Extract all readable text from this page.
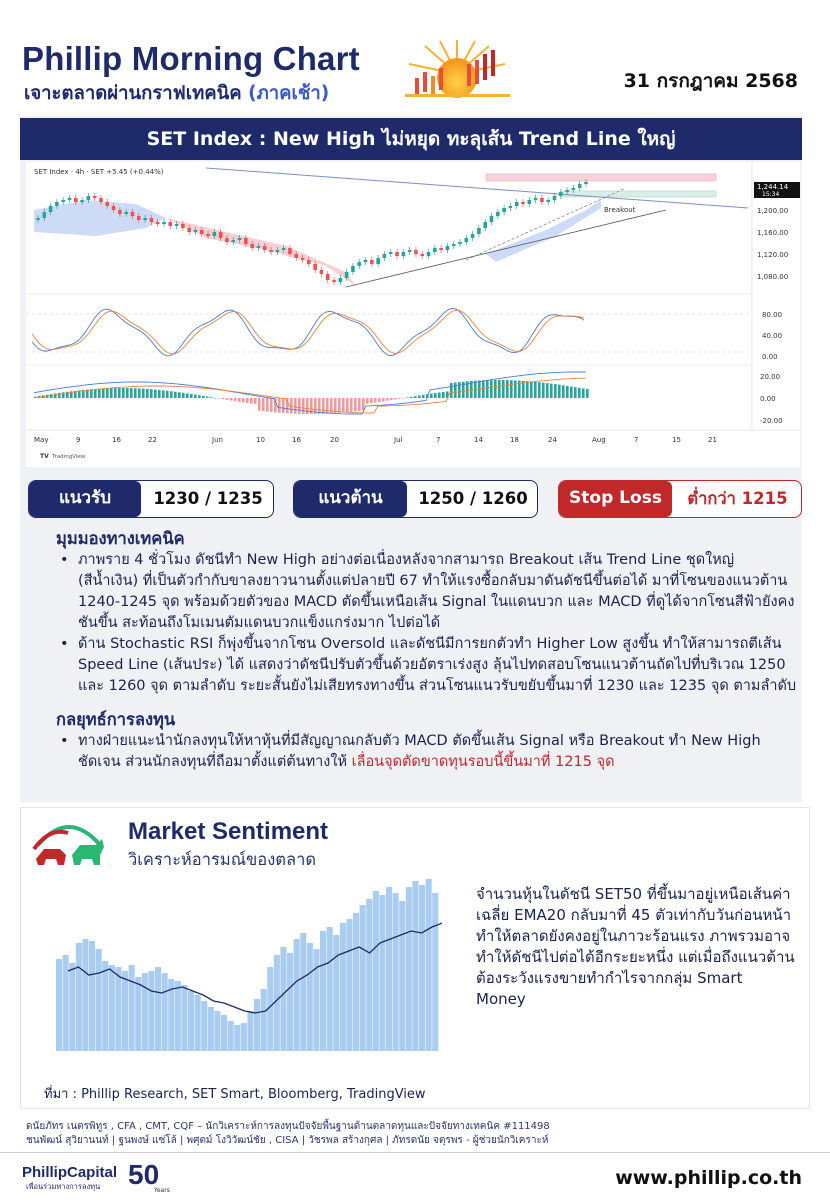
Phillip Morning Chart
เจาะตลาดผ่านกราฟเทคนิค (ภาคเช้า)
31 กรกฎาคม 2568
SET Index : New High ไม่หยุด ทะลุเส้น Trend Line ใหญ่
SET Index · 4h · SET +5.45 (+0.44%)
Breakout
1,244.14
15:34
1,200.00
1,160.00
1,120.00
1,080.00
80.00
40.00
0.00
20.00
0.00
-20.00
May	9	16	22	Jun	10	16	20	Jul	7	14	18	24	Aug	7	15	21
TV TradingView
แนวรับ	1230 / 1235	แนวต้าน	1250 / 1260	Stop Loss	ต่ำกว่า 1215
มุมมองทางเทคนิค
• ภาพราย 4 ชั่วโมง ดัชนีทำ New High อย่างต่อเนื่องหลังจากสามารถ Breakout เส้น Trend Line ชุดใหญ่ (สีน้ำเงิน) ที่เป็นตัวกำกับขาลงยาวนานตั้งแต่ปลายปี 67 ทำให้แรงซื้อกลับมาดันดัชนีขึ้นต่อได้ มาที่โซนของแนวต้าน 1240-1245 จุด พร้อมด้วยตัวของ MACD ตัดขึ้นเหนือเส้น Signal ในแดนบวก และ MACD ที่ดูได้จากโซนสีฟ้ายังคงชันขึ้น สะท้อนถึงโมเมนตัมแดนบวกแข็งแกร่งมาก ไปต่อได้
• ด้าน Stochastic RSI ก็พุ่งขึ้นจากโซน Oversold และดัชนีมีการยกตัวทำ Higher Low สูงขึ้น ทำให้สามารถตีเส้น Speed Line (เส้นประ) ได้ แสดงว่าดัชนีปรับตัวขึ้นด้วยอัตราเร่งสูง ลุ้นไปทดสอบโซนแนวต้านถัดไปที่บริเวณ 1250 และ 1260 จุด ตามลำดับ ระยะสั้นยังไม่เสียทรงทางขึ้น ส่วนโซนแนวรับขยับขึ้นมาที่ 1230 และ 1235 จุด ตามลำดับ
กลยุทธ์การลงทุน
• ทางฝ่ายแนะนำนักลงทุนให้หาหุ้นที่มีสัญญาณกลับตัว MACD ตัดขึ้นเส้น Signal หรือ Breakout ทำ New High ชัดเจน ส่วนนักลงทุนที่ถือมาตั้งแต่ต้นทางให้ เลื่อนจุดตัดขาดทุนรอบนี้ขึ้นมาที่ 1215 จุด
Market Sentiment
วิเคราะห์อารมณ์ของตลาด
จำนวนหุ้นในดัชนี SET50 ที่ขึ้นมาอยู่เหนือเส้นค่าเฉลี่ย EMA20 กลับมาที่ 45 ตัวเท่ากับวันก่อนหน้า ทำให้ตลาดยังคงอยู่ในภาวะร้อนแรง ภาพรวมอาจทำให้ดัชนีไปต่อได้อีกระยะหนึ่ง แต่เมื่อถึงแนวต้านต้องระวังแรงขายทำกำไรจากกลุ่ม Smart Money
ที่มา : Phillip Research, SET Smart, Bloomberg, TradingView
ดนัยภัทร เนตรพิทูร , CFA , CMT, CQF – นักวิเคราะห์การลงทุนปัจจัยพื้นฐานด้านตลาดทุนและปัจจัยทางเทคนิค #111498
ชนพัฒน์ สุวิยานนท์ | ฐนพงษ์ แซ่โล้ | พศุตม์ โงวิวัฒน์ชัย , CISA | วัชรพล สร้างกุศล | ภัทรดนัย จตุรพร - ผู้ช่วยนักวิเคราะห์
PhillipCapital
เพื่อนร่วมทางการลงทุน 50
Years
www.phillip.co.th
